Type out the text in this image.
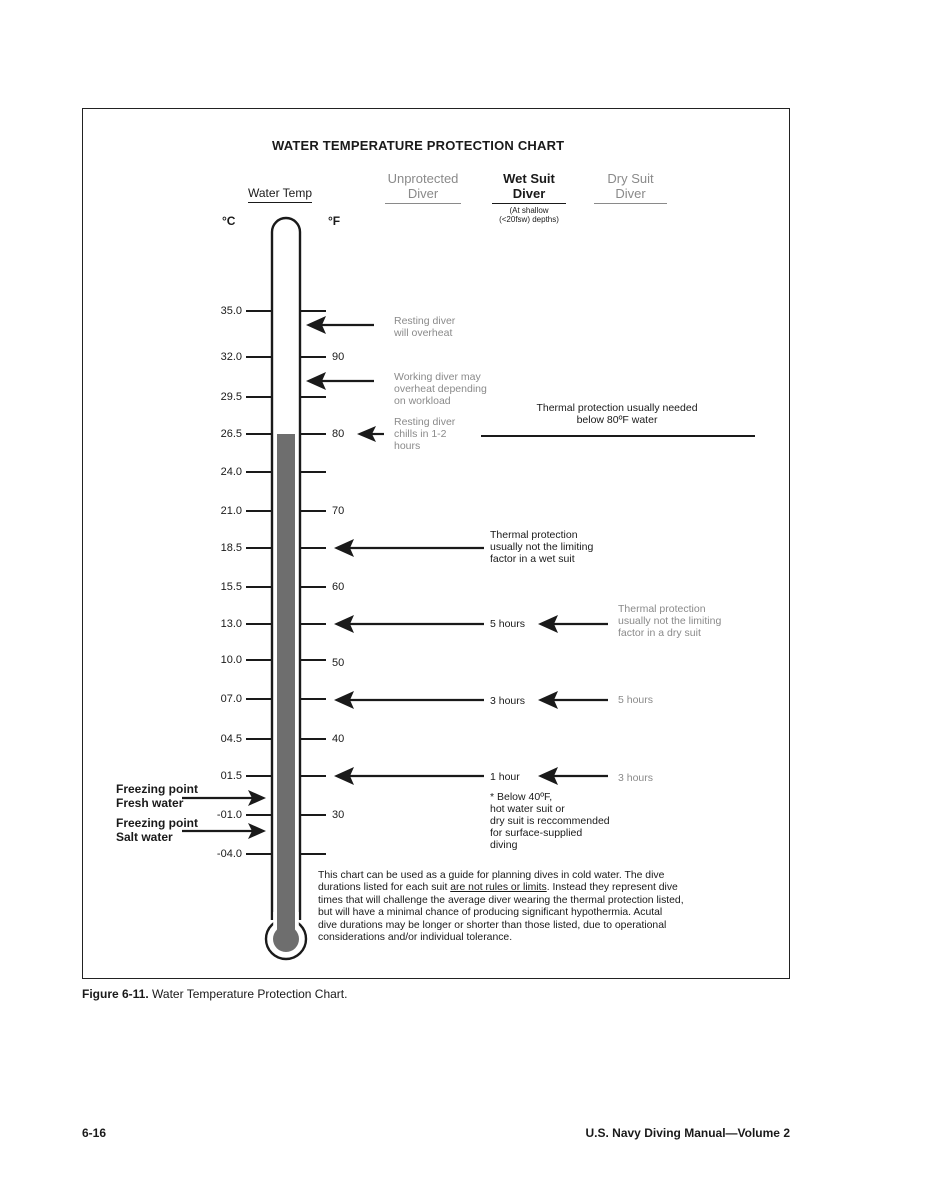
WATER TEMPERATURE PROTECTION CHART
Water Temp
Unprotected
Diver
Wet Suit
Diver
(At shallow
(<20fsw) depths)
Dry Suit
Diver
°C	°F
35.0
32.0
29.5
26.5
24.0
21.0
18.5
15.5
13.0
10.0
07.0
04.5
01.5
-01.0
-04.0
90
80
70
60
50
40
30
Freezing point
Fresh water
Freezing point
Salt water
Resting diver
will overheat
Working diver may
overheat depending
on workload
Resting diver
chills in 1-2
hours
Thermal protection usually needed
below 80ºF water
Thermal protection
usually not the limiting
factor in a wet suit
5 hours
3 hours
1 hour
* Below 40ºF,
hot water suit or
dry suit is reccommended
for surface-supplied
diving
Thermal protection
usually not the limiting
factor in a dry suit
5 hours
3 hours
This chart can be used as a guide for planning dives in cold water. The dive
durations listed for each suit are not rules or limits. Instead they represent dive
times that will challenge the average diver wearing the thermal protection listed,
but will have a minimal chance of producing significant hypothermia. Acutal
dive durations may be longer or shorter than those listed, due to operational
considerations and/or individual tolerance.
Figure 6-11. Water Temperature Protection Chart.
6-16	U.S. Navy Diving Manual—Volume 2
